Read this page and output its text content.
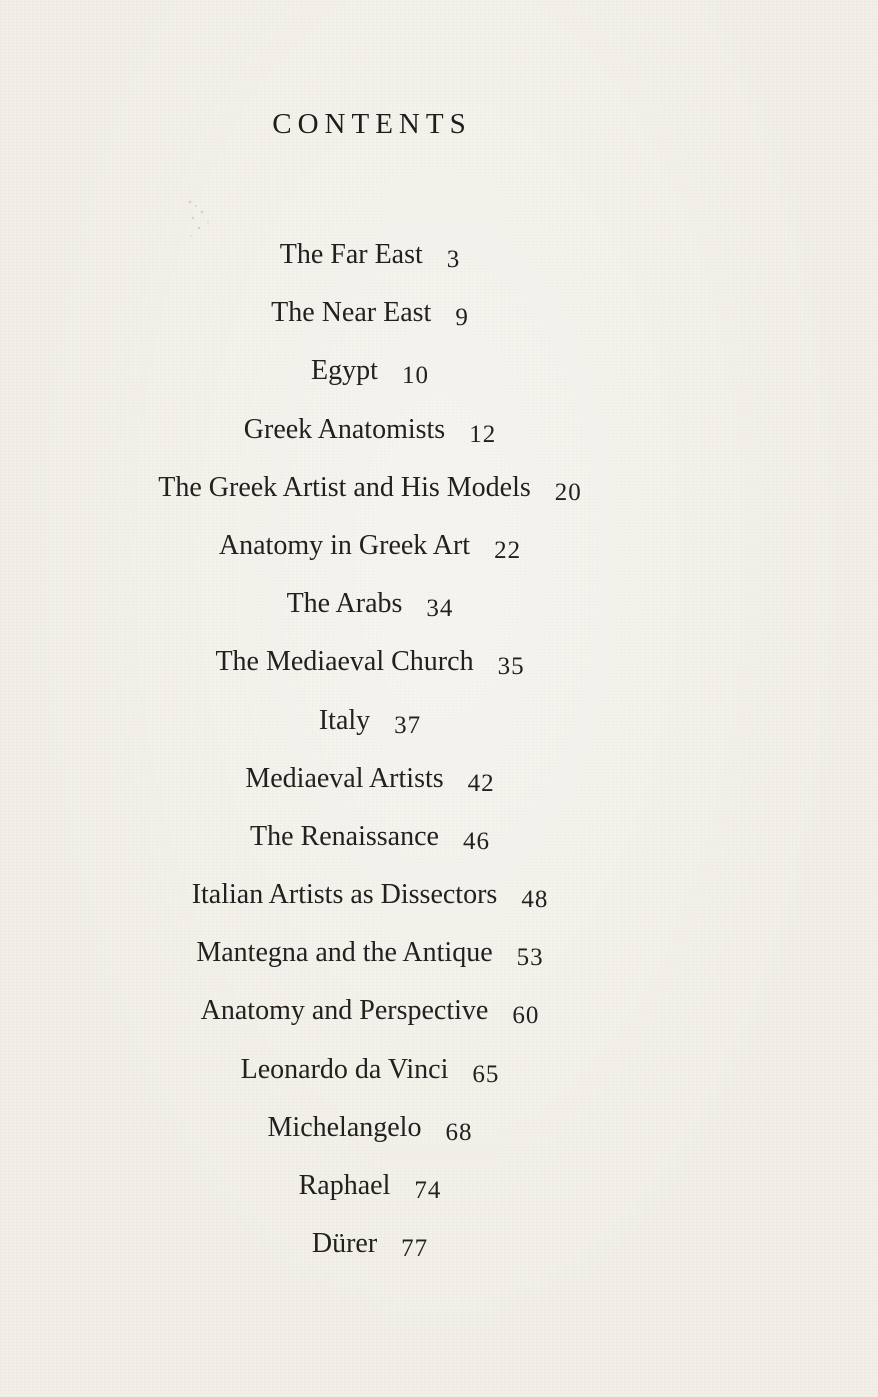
CONTENTS
The Far East 3
The Near East 9
Egypt 10
Greek Anatomists 12
The Greek Artist and His Models 20
Anatomy in Greek Art 22
The Arabs 34
The Mediaeval Church 35
Italy 37
Mediaeval Artists 42
The Renaissance 46
Italian Artists as Dissectors 48
Mantegna and the Antique 53
Anatomy and Perspective 60
Leonardo da Vinci 65
Michelangelo 68
Raphael 74
Dürer 77
